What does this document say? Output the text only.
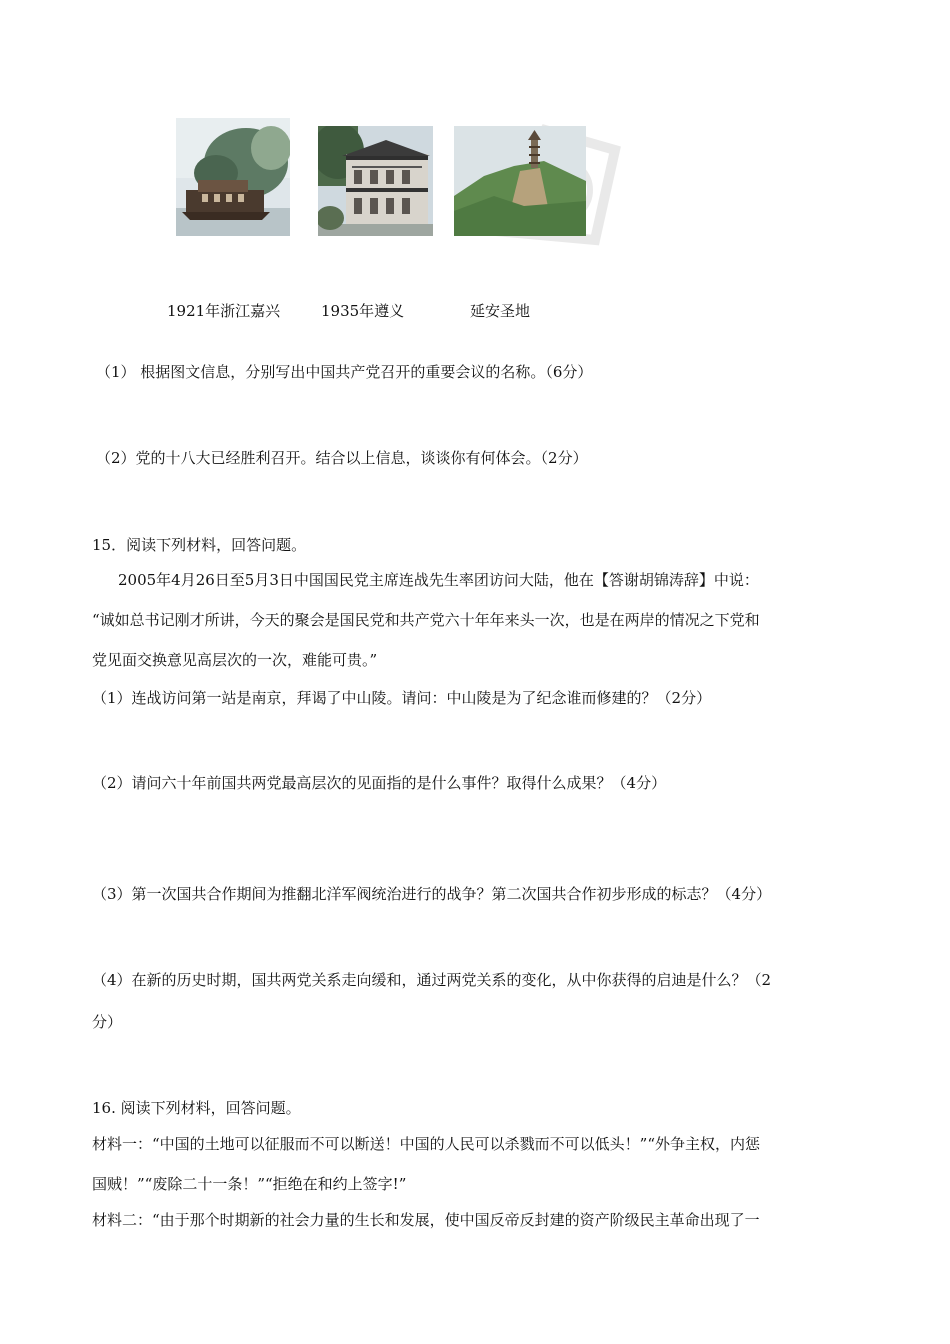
1921年浙江嘉兴	1935年遵义	延安圣地
（1） 根据图文信息，分别写出中国共产党召开的重要会议的名称。（6分）
（2）党的十八大已经胜利召开。结合以上信息，谈谈你有何体会。（2分）
15．阅读下列材料，回答问题。
2005年4月26日至5月3日中国国民党主席连战先生率团访问大陆，他在【答谢胡锦涛辞】中说：
“诚如总书记刚才所讲，今天的聚会是国民党和共产党六十年年来头一次，也是在两岸的情况之下党和
党见面交换意见高层次的一次，难能可贵。”
（1）连战访问第一站是南京，拜谒了中山陵。请问：中山陵是为了纪念谁而修建的？（2分）
（2）请问六十年前国共两党最高层次的见面指的是什么事件？取得什么成果？（4分）
（3）第一次国共合作期间为推翻北洋军阀统治进行的战争？第二次国共合作初步形成的标志？（4分）
（4）在新的历史时期，国共两党关系走向缓和，通过两党关系的变化，从中你获得的启迪是什么？（2
分）
16. 阅读下列材料，回答问题。
材料一：“中国的土地可以征服而不可以断送！中国的人民可以杀戮而不可以低头！”“外争主权，内惩
国贼！”“废除二十一条！”“拒绝在和约上签字!”
材料二：“由于那个时期新的社会力量的生长和发展，使中国反帝反封建的资产阶级民主革命出现了一
